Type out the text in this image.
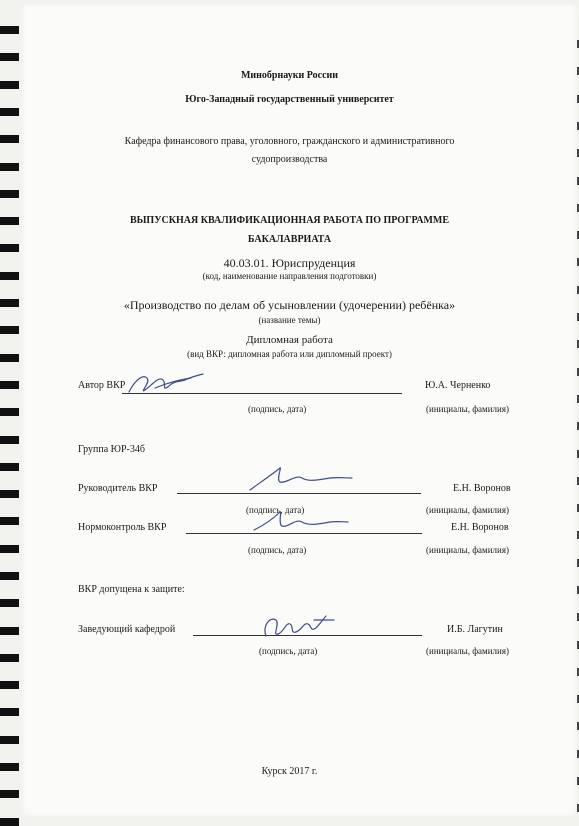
Минобрнауки России
Юго-Западный государственный университет
Кафедра финансового права, уголовного, гражданского и административного
судопроизводства
ВЫПУСКНАЯ КВАЛИФИКАЦИОННАЯ РАБОТА ПО ПРОГРАММЕ
БАКАЛАВРИАТА
40.03.01. Юриспруденция
(код, наименование направления подготовки)
«Производство по делам об усыновлении (удочерении) ребёнка»
(название темы)
Дипломная работа
(вид ВКР: дипломная работа или дипломный проект)
Автор ВКР	Ю.А. Черненко
(подпись, дата)	(инициалы, фамилия)
Группа ЮР-34б
Руководитель ВКР	Е.Н. Воронов
(подпись, дата)	(инициалы, фамилия)
Нормоконтроль ВКР	Е.Н. Воронов
(подпись, дата)	(инициалы, фамилия)
ВКР допущена к защите:
Заведующий кафедрой	И.Б. Лагутин
(подпись, дата)	(инициалы, фамилия)
Курск 2017 г.
